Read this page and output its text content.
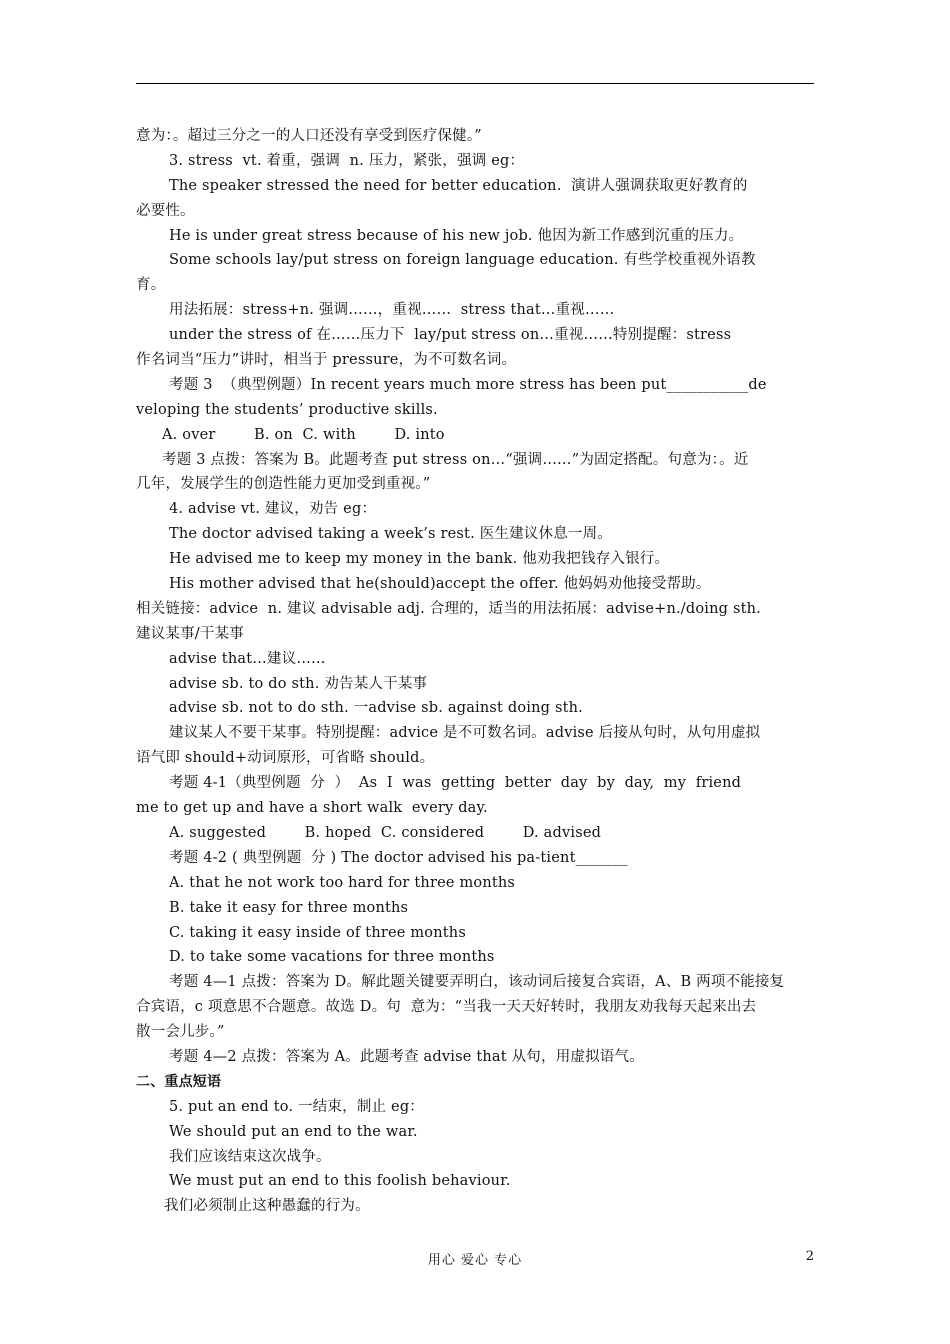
意为：。超过三分之一的人口还没有享受到医疗保健。”
3. stress  vt. 着重，强调  n. 压力，紧张，强调 eg：
The speaker stressed the need for better education.  演讲人强调获取更好教育的
必要性。
He is under great stress because of his new job. 他因为新工作感到沉重的压力。
Some schools lay/put stress on foreign language education. 有些学校重视外语教
育。
用法拓展：stress+n. 强调……，重视……  stress that…重视……
under the stress of 在……压力下  lay/put stress on…重视……特别提醒：stress
作名词当“压力”讲时，相当于 pressure，为不可数名词。
考题 3  （典型例题）In recent years much more stress has been put___________de
veloping the students’ productive skills.
A. over        B. on  C. with        D. into
考题 3 点拨：答案为 B。此题考查 put stress on…“强调……”为固定搭配。句意为：。近
几年，发展学生的创造性能力更加受到重视。”
4. advise vt. 建议，劝告 eg：
The doctor advised taking a week’s rest. 医生建议休息一周。
He advised me to keep my money in the bank. 他劝我把钱存入银行。
His mother advised that he(should)accept the offer. 他妈妈劝他接受帮助。
相关链接：advice  n. 建议 advisable adj. 合理的，适当的用法拓展：advise+n./doing sth.
建议某事/干某事
advise that…建议……
advise sb. to do sth. 劝告某人干某事
advise sb. not to do sth. 一advise sb. against doing sth.
建议某人不要干某事。特别提醒：advice 是不可数名词。advise 后接从句时，从句用虚拟
语气即 should+动词原形，可省略 should。
考题 4-1（典型例题  分  ）  As  I  was  getting  better  day  by  day,  my  friend
me to get up and have a short walk  every day.
A. suggested        B. hoped  C. considered        D. advised
考题 4-2 ( 典型例题  分 ) The doctor advised his pa-tient_______
A. that he not work too hard for three months
B. take it easy for three months
C. taking it easy inside of three months
D. to take some vacations for three months
考题 4—1 点拨：答案为 D。解此题关键要弄明白，该动词后接复合宾语，A、B 两项不能接复
合宾语，c 项意思不合题意。故选 D。句  意为：“当我一天天好转时，我朋友劝我每天起来出去
散一会儿步。”
考题 4—2 点拨：答案为 A。此题考查 advise that 从句，用虚拟语气。
二、重点短语
5. put an end to. 一结束，制止 eg：
We should put an end to the war.
我们应该结束这次战争。
We must put an end to this foolish behaviour.
我们必须制止这种愚蠢的行为。
用心 爱心 专心	2
